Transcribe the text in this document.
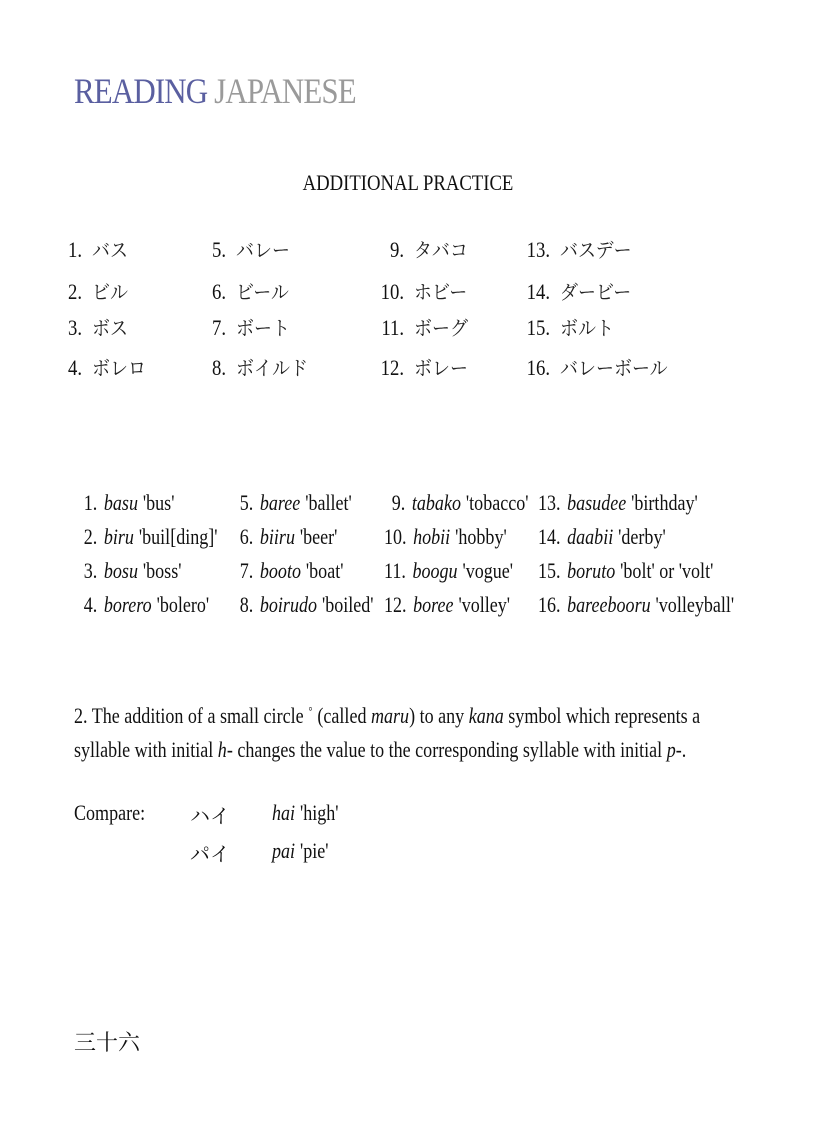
READING JAPANESE
ADDITIONAL PRACTICE
1. バス
2. ビル
3. ボス
4. ボレロ
5. バレー
6. ビール
7. ボート
8. ボイルド
9. タバコ
10. ホビー
11. ボーグ
12. ボレー
13. バスデー
14. ダービー
15. ボルト
16. バレーボール
1. basu 'bus'
2. biru 'buil[ding]'
3. bosu 'boss'
4. borero 'bolero'
5. baree 'ballet'
6. biiru 'beer'
7. booto 'boat'
8. boirudo 'boiled'
9. tabako 'tobacco'
10. hobii 'hobby'
11. boogu 'vogue'
12. boree 'volley'
13. basudee 'birthday'
14. daabii 'derby'
15. boruto 'bolt' or 'volt'
16. bareebooru 'volleyball'
2. The addition of a small circle ° (called maru) to any kana symbol which represents a syllable with initial h- changes the value to the corresponding syllable with initial p-.
Compare: ハイ hai 'high'
パイ pai 'pie'
三十六
